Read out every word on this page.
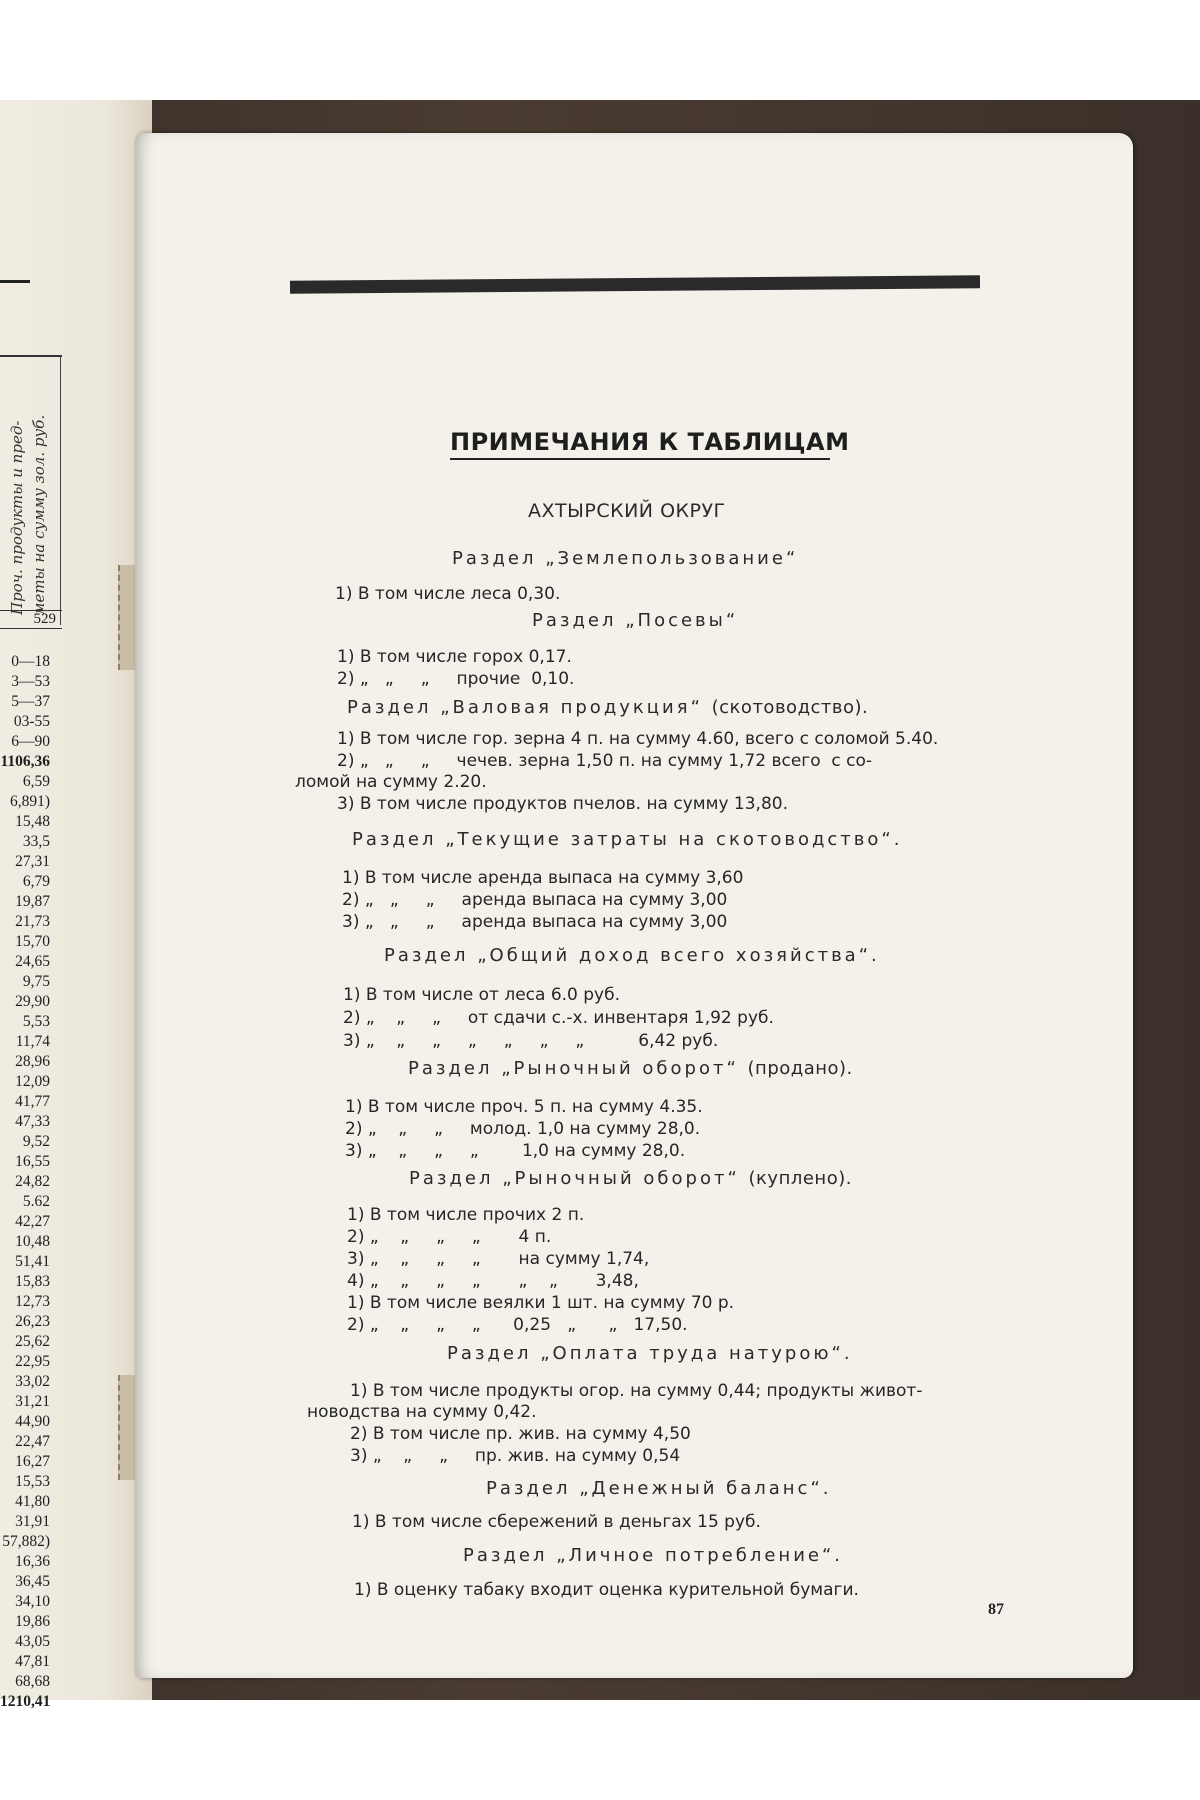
Проч. продукты и пред- меты на сумму зол. руб.
529
0—18
3—53
5—37
03-55
6—90
1106,36
6,59
6,891)
15,48
33,5
27,31
6,79
19,87
21,73
15,70
24,65
9,75
29,90
5,53
11,74
28,96
12,09
41,77
47,33
9,52
16,55
24,82
5.62
42,27
10,48
51,41
15,83
12,73
26,23
25,62
22,95
33,02
31,21
44,90
22,47
16,27
15,53
41,80
31,91
57,882)
16,36
36,45
34,10
19,86
43,05
47,81
68,68
1210,41
ПРИМЕЧАНИЯ К ТАБЛИЦАМ
АХТЫРСКИЙ ОКРУГ
Раздел „Землепользование“
1) В том числе леса 0,30.
Раздел „Посевы“
1) В том числе горох 0,17.
2) „   „     „     прочие  0,10.
Раздел „Валовая продукция“ (скотоводство).
1) В том числе гор. зерна 4 п. на сумму 4.60, всего с соломой 5.40.
2) „   „     „     чечев. зерна 1,50 п. на сумму 1,72 всего  с со-
ломой на сумму 2.20.
3) В том числе продуктов пчелов. на сумму 13,80.
Раздел „Текущие затраты на скотоводство“.
1) В том числе аренда выпаса на сумму 3,60
2) „   „     „     аренда выпаса на сумму 3,00
3) „   „     „     аренда выпаса на сумму 3,00
Раздел „Общий доход всего хозяйства“.
1) В том числе от леса 6.0 руб.
2) „    „     „     от сдачи с.-х. инвентаря 1,92 руб.
3) „    „     „     „     „     „     „          6,42 руб.
Раздел „Рыночный оборот“ (продано).
1) В том числе проч. 5 п. на сумму 4.35.
2) „    „     „     молод. 1,0 на сумму 28,0.
3) „    „     „     „        1,0 на сумму 28,0.
Раздел „Рыночный оборот“ (куплено).
1) В том числе прочих 2 п.
2) „    „     „     „       4 п.
3) „    „     „     „       на сумму 1,74,
4) „    „     „     „       „    „       3,48,
1) В том числе веялки 1 шт. на сумму 70 р.
2) „    „     „     „      0,25   „      „   17,50.
Раздел „Оплата труда натурою“.
1) В том числе продукты огор. на сумму 0,44; продукты живот-
новодства на сумму 0,42.
2) В том числе пр. жив. на сумму 4,50
3) „    „     „     пр. жив. на сумму 0,54
Раздел „Денежный баланс“.
1) В том числе сбережений в деньгах 15 руб.
Раздел „Личное потребление“.
1) В оценку табаку входит оценка курительной бумаги.
87
